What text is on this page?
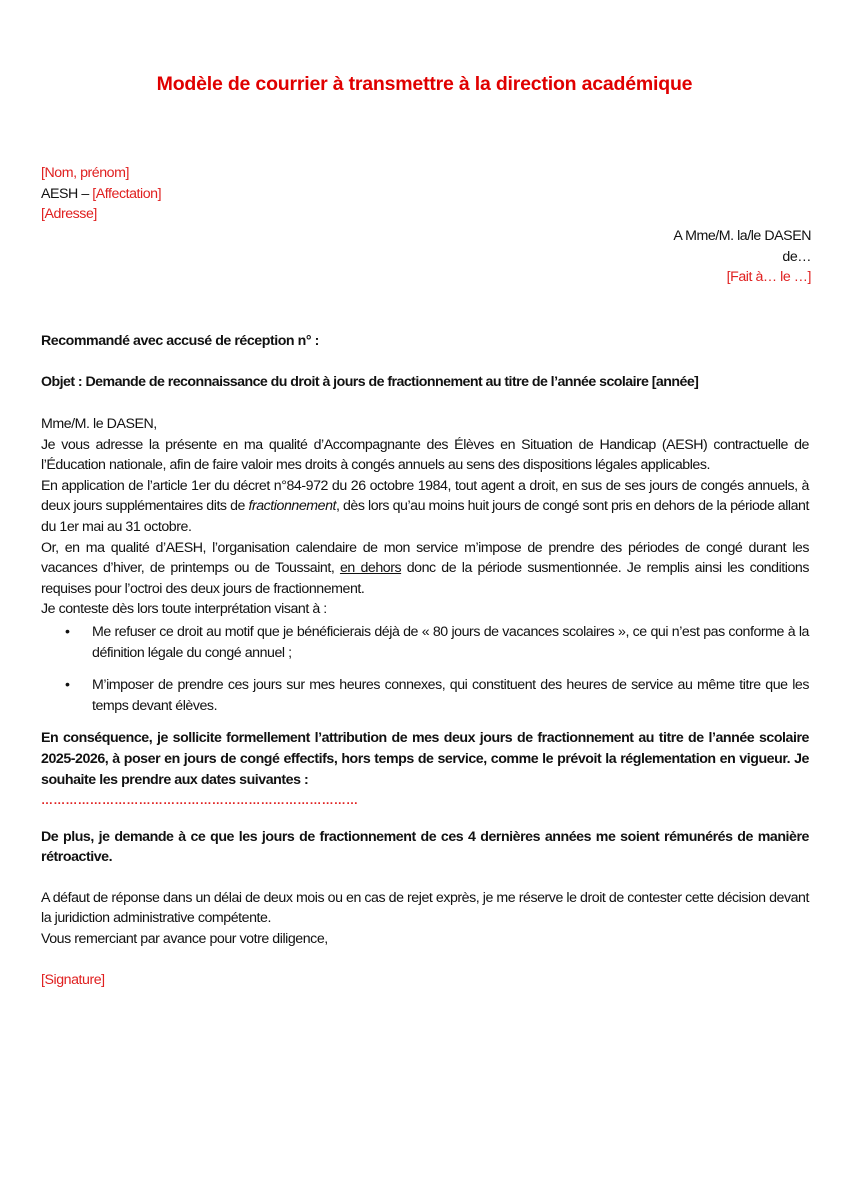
Modèle de courrier à transmettre à la direction académique
[Nom, prénom]
AESH – [Affectation]
[Adresse]
A Mme/M. la/le DASEN
de…
[Fait à… le …]
Recommandé avec accusé de réception n° :
Objet : Demande de reconnaissance du droit à jours de fractionnement au titre de l’année scolaire [année]

Mme/M. le DASEN,

Je vous adresse la présente en ma qualité d’Accompagnante des Élèves en Situation de Handicap (AESH) contractuelle de l’Éducation nationale, afin de faire valoir mes droits à congés annuels au sens des dispositions légales applicables.

En application de l’article 1er du décret n°84-972 du 26 octobre 1984, tout agent a droit, en sus de ses jours de congés annuels, à deux jours supplémentaires dits de fractionnement, dès lors qu’au moins huit jours de congé sont pris en dehors de la période allant du 1er mai au 31 octobre.

Or, en ma qualité d’AESH, l’organisation calendaire de mon service m’impose de prendre des périodes de congé durant les vacances d’hiver, de printemps ou de Toussaint, en dehors donc de la période susmentionnée. Je remplis ainsi les conditions requises pour l’octroi des deux jours de fractionnement.

Je conteste dès lors toute interprétation visant à :

• Me refuser ce droit au motif que je bénéficierais déjà de « 80 jours de vacances scolaires », ce qui n’est pas conforme à la définition légale du congé annuel ;
• M’imposer de prendre ces jours sur mes heures connexes, qui constituent des heures de service au même titre que les temps devant élèves.

En conséquence, je sollicite formellement l’attribution de mes deux jours de fractionnement au titre de l’année scolaire 2025-2026, à poser en jours de congé effectifs, hors temps de service, comme le prévoit la réglementation en vigueur. Je souhaite les prendre aux dates suivantes :

……………………………………………………………………

De plus, je demande à ce que les jours de fractionnement de ces 4 dernières années me soient rémunérés de manière rétroactive.

A défaut de réponse dans un délai de deux mois ou en cas de rejet exprès, je me réserve le droit de contester cette décision devant la juridiction administrative compétente.

Vous remerciant par avance pour votre diligence,

[Signature]
